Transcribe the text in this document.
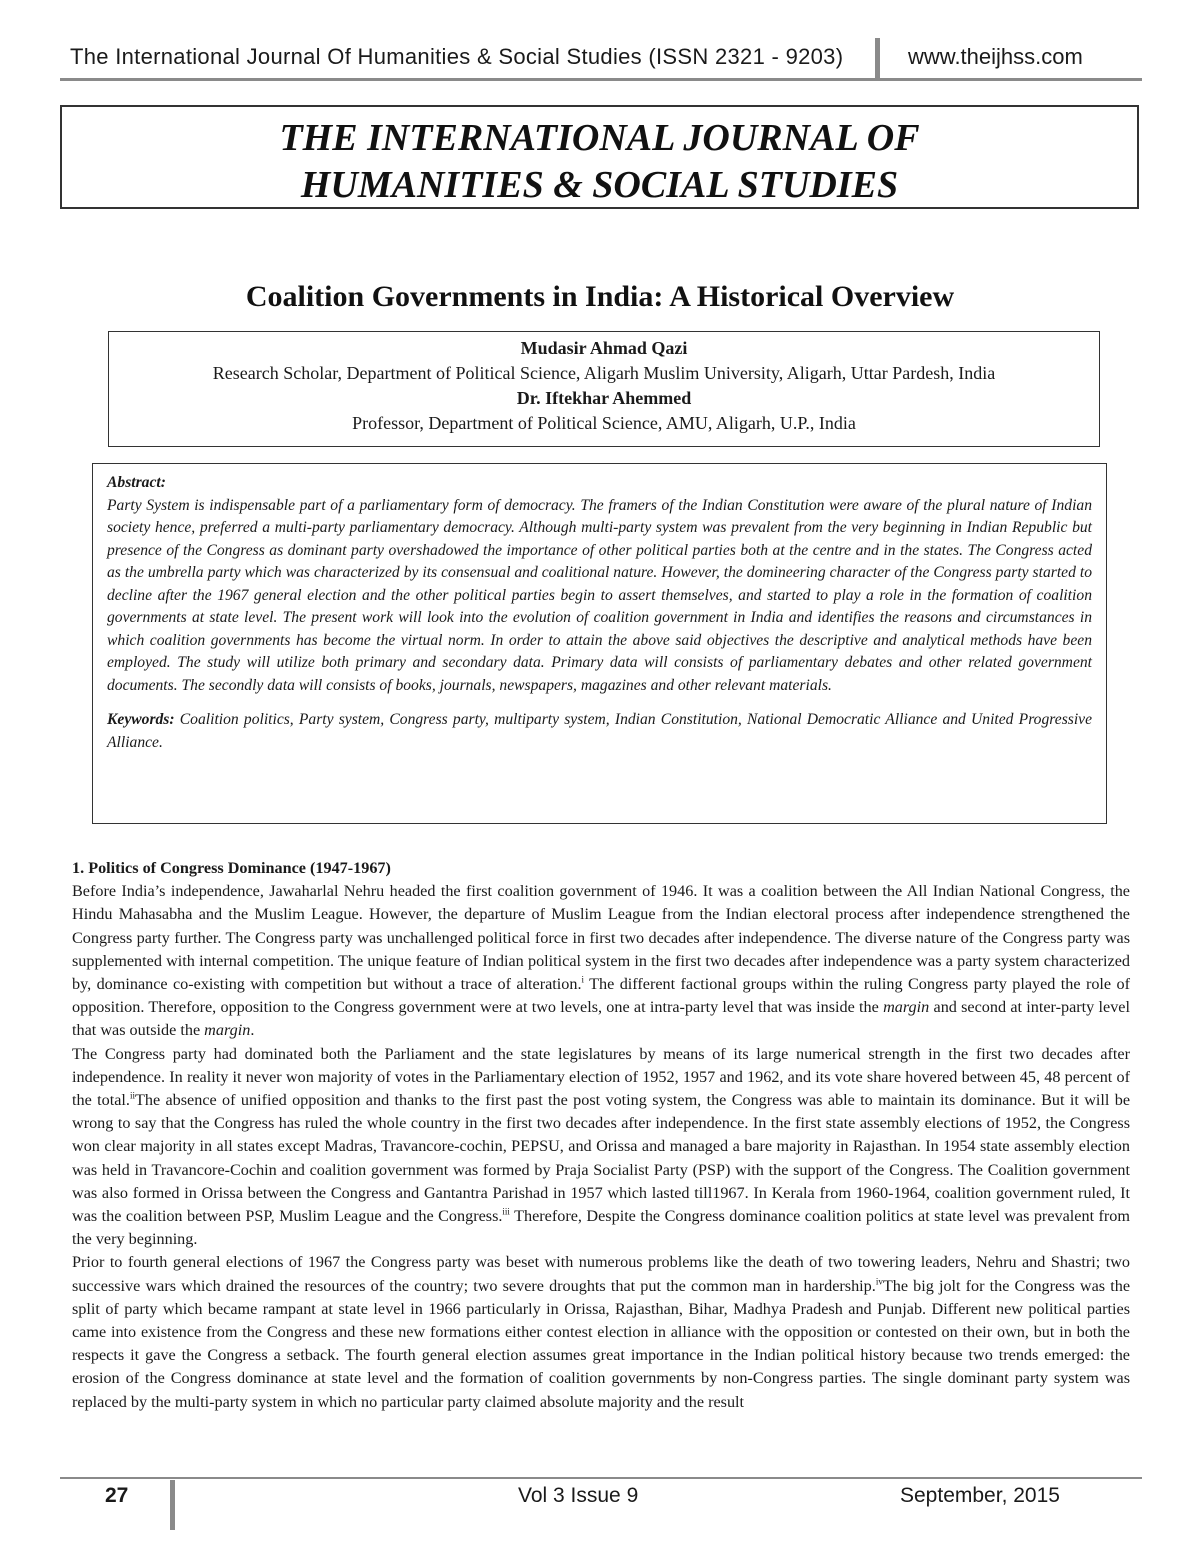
The International Journal Of Humanities & Social Studies (ISSN 2321 - 9203)	www.theijhss.com
THE INTERNATIONAL JOURNAL OF
HUMANITIES & SOCIAL STUDIES
Coalition Governments in India: A Historical Overview
Mudasir Ahmad Qazi
Research Scholar, Department of Political Science, Aligarh Muslim University, Aligarh, Uttar Pardesh, India
Dr. Iftekhar Ahemmed
Professor, Department of Political Science, AMU, Aligarh, U.P., India

Abstract:

Party System is indispensable part of a parliamentary form of democracy. The framers of the Indian Constitution were aware of the plural nature of Indian society hence, preferred a multi-party parliamentary democracy. Although multi-party system was prevalent from the very beginning in Indian Republic but presence of the Congress as dominant party overshadowed the importance of other political parties both at the centre and in the states. The Congress acted as the umbrella party which was characterized by its consensual and coalitional nature. However, the domineering character of the Congress party started to decline after the 1967 general election and the other political parties begin to assert themselves, and started to play a role in the formation of coalition governments at state level. The present work will look into the evolution of coalition government in India and identifies the reasons and circumstances in which coalition governments has become the virtual norm. In order to attain the above said objectives the descriptive and analytical methods have been employed. The study will utilize both primary and secondary data. Primary data will consists of parliamentary debates and other related government documents. The secondly data will consists of books, journals, newspapers, magazines and other relevant materials.

Keywords: Coalition politics, Party system, Congress party, multiparty system, Indian Constitution, National Democratic Alliance and United Progressive Alliance.

1. Politics of Congress Dominance (1947-1967)

Before India’s independence, Jawaharlal Nehru headed the first coalition government of 1946. It was a coalition between the All Indian National Congress, the Hindu Mahasabha and the Muslim League. However, the departure of Muslim League from the Indian electoral process after independence strengthened the Congress party further. The Congress party was unchallenged political force in first two decades after independence. The diverse nature of the Congress party was supplemented with internal competition. The unique feature of Indian political system in the first two decades after independence was a party system characterized by, dominance co-existing with competition but without a trace of alteration.$^i$ The different factional groups within the ruling Congress party played the role of opposition. Therefore, opposition to the Congress government were at two levels, one at intra-party level that was inside the margin and second at inter-party level that was outside the margin.

The Congress party had dominated both the Parliament and the state legislatures by means of its large numerical strength in the first two decades after independence. In reality it never won majority of votes in the Parliamentary election of 1952, 1957 and 1962, and its vote share hovered between 45, 48 percent of the total.$^{ii}$The absence of unified opposition and thanks to the first past the post voting system, the Congress was able to maintain its dominance. But it will be wrong to say that the Congress has ruled the whole country in the first two decades after independence. In the first state assembly elections of 1952, the Congress won clear majority in all states except Madras, Travancore-cochin, PEPSU, and Orissa and managed a bare majority in Rajasthan. In 1954 state assembly election was held in Travancore-Cochin and coalition government was formed by Praja Socialist Party (PSP) with the support of the Congress. The Coalition government was also formed in Orissa between the Congress and Gantantra Parishad in 1957 which lasted till1967. In Kerala from 1960-1964, coalition government ruled, It was the coalition between PSP, Muslim League and the Congress.$^{iii}$ Therefore, Despite the Congress dominance coalition politics at state level was prevalent from the very beginning.

Prior to fourth general elections of 1967 the Congress party was beset with numerous problems like the death of two towering leaders, Nehru and Shastri; two successive wars which drained the resources of the country; two severe droughts that put the common man in hardership.$^{iv}$The big jolt for the Congress was the split of party which became rampant at state level in 1966 particularly in Orissa, Rajasthan, Bihar, Madhya Pradesh and Punjab. Different new political parties came into existence from the Congress and these new formations either contest election in alliance with the opposition or contested on their own, but in both the respects it gave the Congress a setback. The fourth general election assumes great importance in the Indian political history because two trends emerged: the erosion of the Congress dominance at state level and the formation of coalition governments by non-Congress parties. The single dominant party system was replaced by the multi-party system in which no particular party claimed absolute majority and the result

27	Vol 3 Issue 9	September, 2015
